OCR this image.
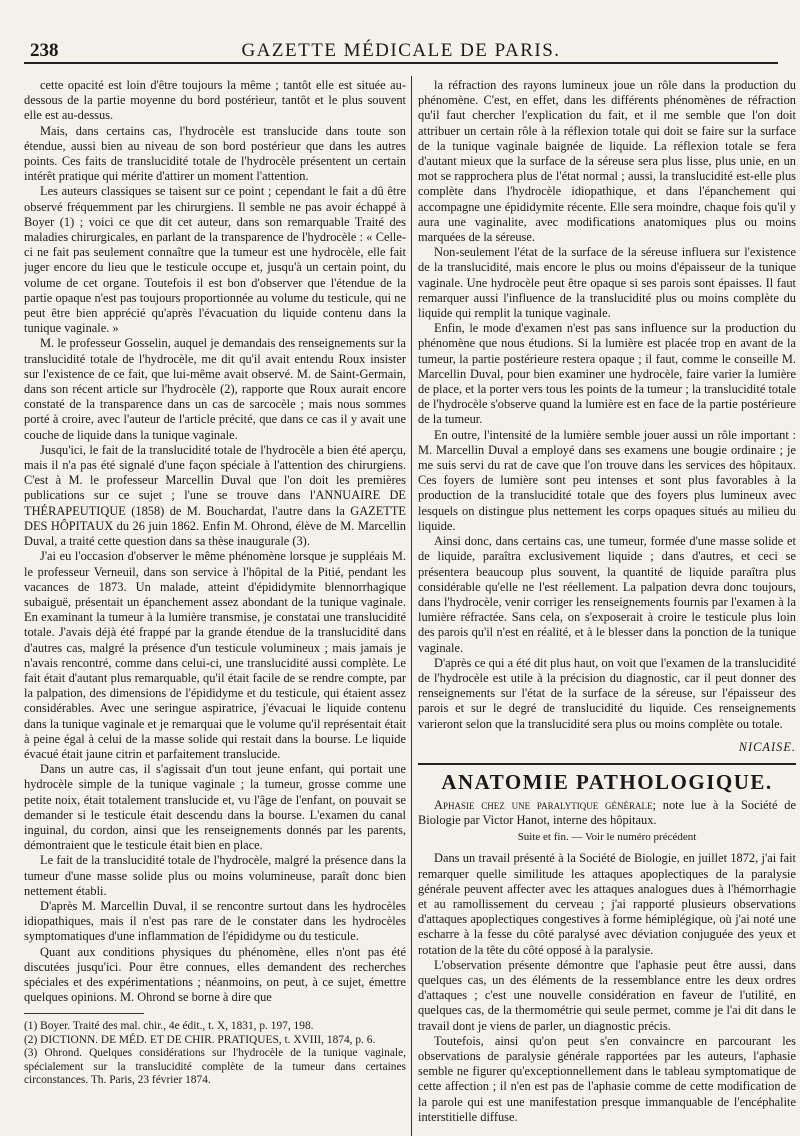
238	GAZETTE MÉDICALE DE PARIS.

cette opacité est loin d'être toujours la même ; tantôt elle est située au-dessous de la partie moyenne du bord postérieur, tantôt et le plus souvent elle est au-dessus.

Mais, dans certains cas, l'hydrocèle est translucide dans toute son étendue, aussi bien au niveau de son bord postérieur que dans les autres points. Ces faits de translucidité totale de l'hydrocèle présentent un certain intérêt pratique qui mérite d'attirer un moment l'attention.

Les auteurs classiques se taisent sur ce point ; cependant le fait a dû être observé fréquemment par les chirurgiens. Il semble ne pas avoir échappé à Boyer (1) ; voici ce que dit cet auteur, dans son remarquable Traité des maladies chirurgicales, en parlant de la transparence de l'hydrocèle : « Celle-ci ne fait pas seulement connaître que la tumeur est une hydrocèle, elle fait juger encore du lieu que le testicule occupe et, jusqu'à un certain point, du volume de cet organe. Toutefois il est bon d'observer que l'étendue de la partie opaque n'est pas toujours proportionnée au volume du testicule, qui ne peut être bien apprécié qu'après l'évacuation du liquide contenu dans la tunique vaginale. »

M. le professeur Gosselin, auquel je demandais des renseignements sur la translucidité totale de l'hydrocèle, me dit qu'il avait entendu Roux insister sur l'existence de ce fait, que lui-même avait observé. M. de Saint-Germain, dans son récent article sur l'hydrocèle (2), rapporte que Roux aurait encore constaté de la transparence dans un cas de sarcocèle ; mais nous sommes porté à croire, avec l'auteur de l'article précité, que dans ce cas il y avait une couche de liquide dans la tunique vaginale.

Jusqu'ici, le fait de la translucidité totale de l'hydrocèle a bien été aperçu, mais il n'a pas été signalé d'une façon spéciale à l'attention des chirurgiens. C'est à M. le professeur Marcellin Duval que l'on doit les premières publications sur ce sujet ; l'une se trouve dans l'ANNUAIRE DE THÉRAPEUTIQUE (1858) de M. Bouchardat, l'autre dans la GAZETTE DES HÔPITAUX du 26 juin 1862. Enfin M. Ohrond, élève de M. Marcellin Duval, a traité cette question dans sa thèse inaugurale (3).

J'ai eu l'occasion d'observer le même phénomène lorsque je suppléais M. le professeur Verneuil, dans son service à l'hôpital de la Pitié, pendant les vacances de 1873. Un malade, atteint d'épididymite blennorrhagique subaiguë, présentait un épanchement assez abondant de la tunique vaginale. En examinant la tumeur à la lumière transmise, je constatai une translucidité totale. J'avais déjà été frappé par la grande étendue de la translucidité dans d'autres cas, malgré la présence d'un testicule volumineux ; mais jamais je n'avais rencontré, comme dans celui-ci, une translucidité aussi complète. Le fait était d'autant plus remarquable, qu'il était facile de se rendre compte, par la palpation, des dimensions de l'épididyme et du testicule, qui étaient assez considérables. Avec une seringue aspiratrice, j'évacuai le liquide contenu dans la tunique vaginale et je remarquai que le volume qu'il représentait était à peine égal à celui de la masse solide qui restait dans la bourse. Le liquide évacué était jaune citrin et parfaitement translucide.

Dans un autre cas, il s'agissait d'un tout jeune enfant, qui portait une hydrocèle simple de la tunique vaginale ; la tumeur, grosse comme une petite noix, était totalement translucide et, vu l'âge de l'enfant, on pouvait se demander si le testicule était descendu dans la bourse. L'examen du canal inguinal, du cordon, ainsi que les renseignements donnés par les parents, démontraient que le testicule était bien en place.

Le fait de la translucidité totale de l'hydrocèle, malgré la présence dans la tumeur d'une masse solide plus ou moins volumineuse, paraît donc bien nettement établi.

D'après M. Marcellin Duval, il se rencontre surtout dans les hydrocèles idiopathiques, mais il n'est pas rare de le constater dans les hydrocèles symptomatiques d'une inflammation de l'épididyme ou du testicule.

Quant aux conditions physiques du phénomène, elles n'ont pas été discutées jusqu'ici. Pour être connues, elles demandent des recherches spéciales et des expérimentations ; néanmoins, on peut, à ce sujet, émettre quelques opinions. M. Ohrond se borne à dire que

(1) Boyer. Traité des mal. chir., 4e édit., t. X, 1831, p. 197, 198.

(2) DICTIONN. DE MÉD. ET DE CHIR. PRATIQUES, t. XVIII, 1874, p. 6.

(3) Ohrond. Quelques considérations sur l'hydrocèle de la tunique vaginale, spécialement sur la translucidité complète de la tumeur dans certaines circonstances. Th. Paris, 23 février 1874.

la réfraction des rayons lumineux joue un rôle dans la production du phénomène. C'est, en effet, dans les différents phénomènes de réfraction qu'il faut chercher l'explication du fait, et il me semble que l'on doit attribuer un certain rôle à la réflexion totale qui doit se faire sur la surface de la tunique vaginale baignée de liquide. La réflexion totale se fera d'autant mieux que la surface de la séreuse sera plus lisse, plus unie, en un mot se rapprochera plus de l'état normal ; aussi, la translucidité est-elle plus complète dans l'hydrocèle idiopathique, et dans l'épanchement qui accompagne une épididymite récente. Elle sera moindre, chaque fois qu'il y aura une vaginalite, avec modifications anatomiques plus ou moins marquées de la séreuse.

Non-seulement l'état de la surface de la séreuse influera sur l'existence de la translucidité, mais encore le plus ou moins d'épaisseur de la tunique vaginale. Une hydrocèle peut être opaque si ses parois sont épaisses. Il faut remarquer aussi l'influence de la translucidité plus ou moins complète du liquide qui remplit la tunique vaginale.

Enfin, le mode d'examen n'est pas sans influence sur la production du phénomène que nous étudions. Si la lumière est placée trop en avant de la tumeur, la partie postérieure restera opaque ; il faut, comme le conseille M. Marcellin Duval, pour bien examiner une hydrocèle, faire varier la lumière de place, et la porter vers tous les points de la tumeur ; la translucidité totale de l'hydrocèle s'observe quand la lumière est en face de la partie postérieure de la tumeur.

En outre, l'intensité de la lumière semble jouer aussi un rôle important : M. Marcellin Duval a employé dans ses examens une bougie ordinaire ; je me suis servi du rat de cave que l'on trouve dans les services des hôpitaux. Ces foyers de lumière sont peu intenses et sont plus favorables à la production de la translucidité totale que des foyers plus lumineux avec lesquels on distingue plus nettement les corps opaques situés au milieu du liquide.

Ainsi donc, dans certains cas, une tumeur, formée d'une masse solide et de liquide, paraîtra exclusivement liquide ; dans d'autres, et ceci se présentera beaucoup plus souvent, la quantité de liquide paraîtra plus considérable qu'elle ne l'est réellement. La palpation devra donc toujours, dans l'hydrocèle, venir corriger les renseignements fournis par l'examen à la lumière réfractée. Sans cela, on s'exposerait à croire le testicule plus loin des parois qu'il n'est en réalité, et à le blesser dans la ponction de la tunique vaginale.

D'après ce qui a été dit plus haut, on voit que l'examen de la translucidité de l'hydrocèle est utile à la précision du diagnostic, car il peut donner des renseignements sur l'état de la surface de la séreuse, sur l'épaisseur des parois et sur le degré de translucidité du liquide. Ces renseignements varieront selon que la translucidité sera plus ou moins complète ou totale.

NICAISE.
ANATOMIE PATHOLOGIQUE.

Aphasie chez une paralytique générale; note lue à la Société de Biologie par Victor Hanot, interne des hôpitaux.

Suite et fin. — Voir le numéro précédent

Dans un travail présenté à la Société de Biologie, en juillet 1872, j'ai fait remarquer quelle similitude les attaques apoplectiques de la paralysie générale peuvent affecter avec les attaques analogues dues à l'hémorrhagie et au ramollissement du cerveau ; j'ai rapporté plusieurs observations d'attaques apoplectiques congestives à forme hémiplégique, où j'ai noté une escharre à la fesse du côté paralysé avec déviation conjuguée des yeux et rotation de la tête du côté opposé à la paralysie.

L'observation présente démontre que l'aphasie peut être aussi, dans quelques cas, un des éléments de la ressemblance entre les deux ordres d'attaques ; c'est une nouvelle considération en faveur de l'utilité, en quelques cas, de la thermométrie qui seule permet, comme je l'ai dit dans le travail dont je viens de parler, un diagnostic précis.

Toutefois, ainsi qu'on peut s'en convaincre en parcourant les observations de paralysie générale rapportées par les auteurs, l'aphasie semble ne figurer qu'exceptionnellement dans le tableau symptomatique de cette affection ; il n'en est pas de l'aphasie comme de cette modification de la parole qui est une manifestation presque immanquable de l'encéphalite interstitielle diffuse.
